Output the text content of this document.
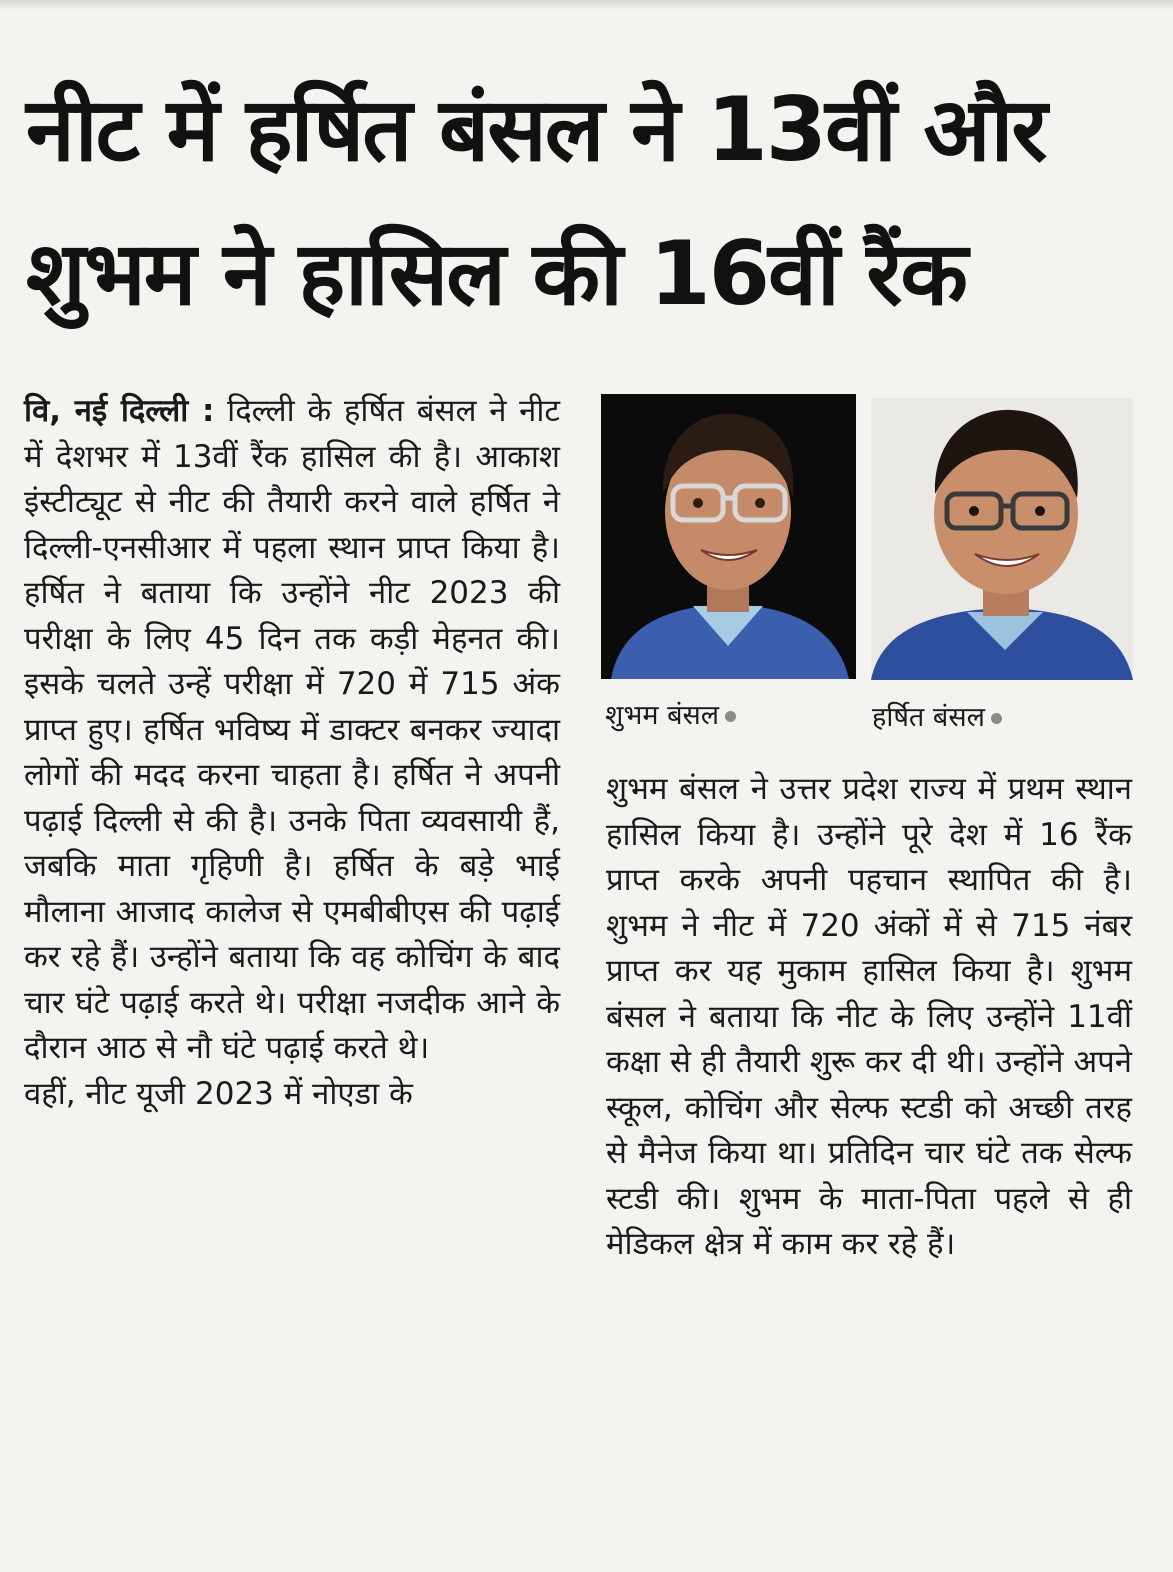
नीट में हर्षित बंसल ने 13वीं और
शुभम ने हासिल की 16वीं रैंक

वि, नई दिल्ली : दिल्ली के हर्षित बंसल ने नीट में देशभर में 13वीं रैंक हासिल की है। आकाश इंस्टीट्यूट से नीट की तैयारी करने वाले हर्षित ने दिल्ली-एनसीआर में पहला स्थान प्राप्त किया है। हर्षित ने बताया कि उन्होंने नीट 2023 की परीक्षा के लिए 45 दिन तक कड़ी मेहनत की। इसके चलते उन्हें परीक्षा में 720 में 715 अंक प्राप्त हुए। हर्षित भविष्य में डाक्टर बनकर ज्यादा लोगों की मदद करना चाहता है। हर्षित ने अपनी पढ़ाई दिल्ली से की है। उनके पिता व्यवसायी हैं, जबकि माता गृहिणी है। हर्षित के बड़े भाई मौलाना आजाद कालेज से एमबीबीएस की पढ़ाई कर रहे हैं। उन्होंने बताया कि वह कोचिंग के बाद चार घंटे पढ़ाई करते थे। परीक्षा नजदीक आने के दौरान आठ से नौ घंटे पढ़ाई करते थे।

वहीं, नीट यूजी 2023 में नोएडा के

शुभम बंसल	हर्षित बंसल

शुभम बंसल ने उत्तर प्रदेश राज्य में प्रथम स्थान हासिल किया है। उन्होंने पूरे देश में 16 रैंक प्राप्त करके अपनी पहचान स्थापित की है। शुभम ने नीट में 720 अंकों में से 715 नंबर प्राप्त कर यह मुकाम हासिल किया है। शुभम बंसल ने बताया कि नीट के लिए उन्होंने 11वीं कक्षा से ही तैयारी शुरू कर दी थी। उन्होंने अपने स्कूल, कोचिंग और सेल्फ स्टडी को अच्छी तरह से मैनेज किया था। प्रतिदिन चार घंटे तक सेल्फ स्टडी की। शुभम के माता-पिता पहले से ही मेडिकल क्षेत्र में काम कर रहे हैं।
